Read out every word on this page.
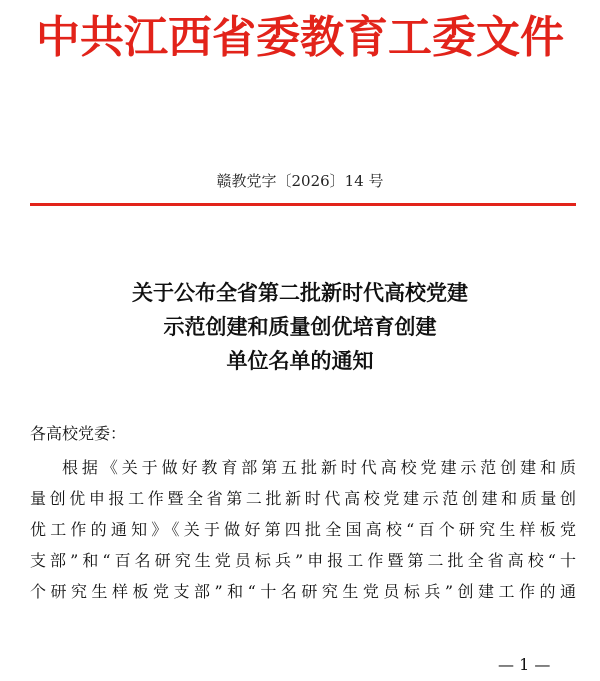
中共江西省委教育工委文件
赣教党字〔2026〕14 号
关于公布全省第二批新时代高校党建
示范创建和质量创优培育创建
单位名单的通知
各高校党委：
根据《关于做好教育部第五批新时代高校党建示范创建和质
量创优申报工作暨全省第二批新时代高校党建示范创建和质量创
优工作的通知》《关于做好第四批全国高校“百个研究生样板党
支部”和“百名研究生党员标兵”申报工作暨第二批全省高校“十
个研究生样板党支部”和“十名研究生党员标兵”创建工作的通
— 1 —
